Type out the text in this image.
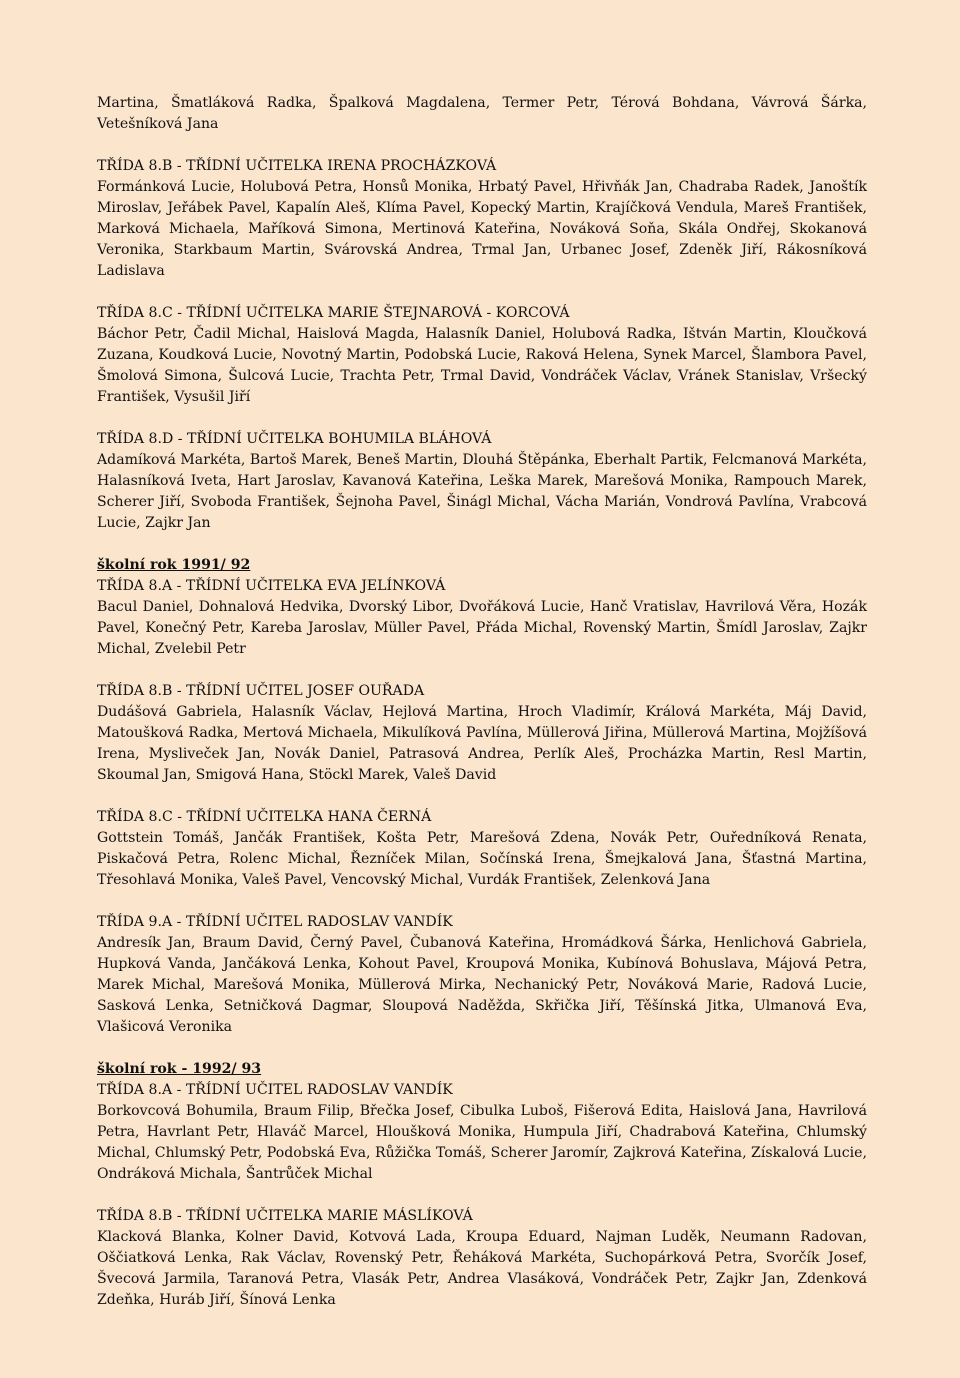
Martina, Šmatláková Radka, Špalková Magdalena, Termer Petr, Térová Bohdana, Vávrová Šárka, Vetešníková Jana

TŘÍDA 8.B - TŘÍDNÍ UČITELKA IRENA PROCHÁZKOVÁ

Formánková Lucie, Holubová Petra, Honsů Monika, Hrbatý Pavel, Hřivňák Jan, Chadraba Radek, Janoštík Miroslav, Jeřábek Pavel, Kapalín Aleš, Klíma Pavel, Kopecký Martin, Krajíčková Vendula, Mareš František, Marková Michaela, Maříková Simona, Mertinová Kateřina, Nováková Soňa, Skála Ondřej, Skokanová Veronika, Starkbaum Martin, Svárovská Andrea, Trmal Jan, Urbanec Josef, Zdeněk Jiří, Rákosníková Ladislava

TŘÍDA 8.C - TŘÍDNÍ UČITELKA MARIE ŠTEJNAROVÁ - KORCOVÁ

Báchor Petr, Čadil Michal, Haislová Magda, Halasník Daniel, Holubová Radka, Ištván Martin, Kloučková Zuzana, Koudková Lucie, Novotný Martin, Podobská Lucie, Raková Helena, Synek Marcel, Šlambora Pavel, Šmolová Simona, Šulcová Lucie, Trachta Petr, Trmal David, Vondráček Václav, Vránek Stanislav, Vršecký František, Vysušil Jiří

TŘÍDA 8.D - TŘÍDNÍ UČITELKA BOHUMILA BLÁHOVÁ

Adamíková Markéta, Bartoš Marek, Beneš Martin, Dlouhá Štěpánka, Eberhalt Partik, Felcmanová Markéta, Halasníková Iveta, Hart Jaroslav, Kavanová Kateřina, Leška Marek, Marešová Monika, Rampouch Marek, Scherer Jiří, Svoboda František, Šejnoha Pavel, Šinágl Michal, Vácha Marián, Vondrová Pavlína, Vrabcová Lucie, Zajkr Jan

školní rok 1991/ 92
TŘÍDA 8.A - TŘÍDNÍ UČITELKA EVA JELÍNKOVÁ

Bacul Daniel, Dohnalová Hedvika, Dvorský Libor, Dvořáková Lucie, Hanč Vratislav, Havrilová Věra, Hozák Pavel, Konečný Petr, Kareba Jaroslav, Müller Pavel, Přáda Michal, Rovenský Martin, Šmídl Jaroslav, Zajkr Michal, Zvelebil Petr

TŘÍDA 8.B - TŘÍDNÍ UČITEL JOSEF OUŘADA

Dudášová Gabriela, Halasník Václav, Hejlová Martina, Hroch Vladimír, Králová Markéta, Máj David, Matoušková Radka, Mertová Michaela, Mikulíková Pavlína, Müllerová Jiřina, Müllerová Martina, Mojžíšová Irena, Mysliveček Jan, Novák Daniel, Patrasová Andrea, Perlík Aleš, Procházka Martin, Resl Martin, Skoumal Jan, Smigová Hana, Stöckl Marek, Valeš David

TŘÍDA 8.C - TŘÍDNÍ UČITELKA HANA ČERNÁ

Gottstein Tomáš, Jančák František, Košta Petr, Marešová Zdena, Novák Petr, Ouředníková Renata, Piskačová Petra, Rolenc Michal, Řezníček Milan, Sočínská Irena, Šmejkalová Jana, Šťastná Martina, Třesohlavá Monika, Valeš Pavel, Vencovský Michal, Vurdák František, Zelenková Jana

TŘÍDA 9.A - TŘÍDNÍ UČITEL RADOSLAV VANDÍK

Andresík Jan, Braum David, Černý Pavel, Čubanová Kateřina, Hromádková Šárka, Henlichová Gabriela, Hupková Vanda, Jančáková Lenka, Kohout Pavel, Kroupová Monika, Kubínová Bohuslava, Májová Petra, Marek Michal, Marešová Monika, Müllerová Mirka, Nechanický Petr, Nováková Marie, Radová Lucie, Sasková Lenka, Setničková Dagmar, Sloupová Naděžda, Skřička Jiří, Těšínská Jitka, Ulmanová Eva, Vlašicová Veronika

školní rok - 1992/ 93
TŘÍDA 8.A - TŘÍDNÍ UČITEL RADOSLAV VANDÍK

Borkovcová Bohumila, Braum Filip, Břečka Josef, Cibulka Luboš, Fišerová Edita, Haislová Jana, Havrilová Petra, Havrlant Petr, Hlaváč Marcel, Hloušková Monika, Humpula Jiří, Chadrabová Kateřina, Chlumský Michal, Chlumský Petr, Podobská Eva, Růžička Tomáš, Scherer Jaromír, Zajkrová Kateřina, Získalová Lucie, Ondráková Michala, Šantrůček Michal

TŘÍDA 8.B - TŘÍDNÍ UČITELKA MARIE MÁSLÍKOVÁ

Klacková Blanka, Kolner David, Kotvová Lada, Kroupa Eduard, Najman Luděk, Neumann Radovan, Oščiatková Lenka, Rak Václav, Rovenský Petr, Řeháková Markéta, Suchopárková Petra, Svorčík Josef, Švecová Jarmila, Taranová Petra, Vlasák Petr, Andrea Vlasáková, Vondráček Petr, Zajkr Jan, Zdenková Zdeňka, Huráb Jiří, Šínová Lenka
